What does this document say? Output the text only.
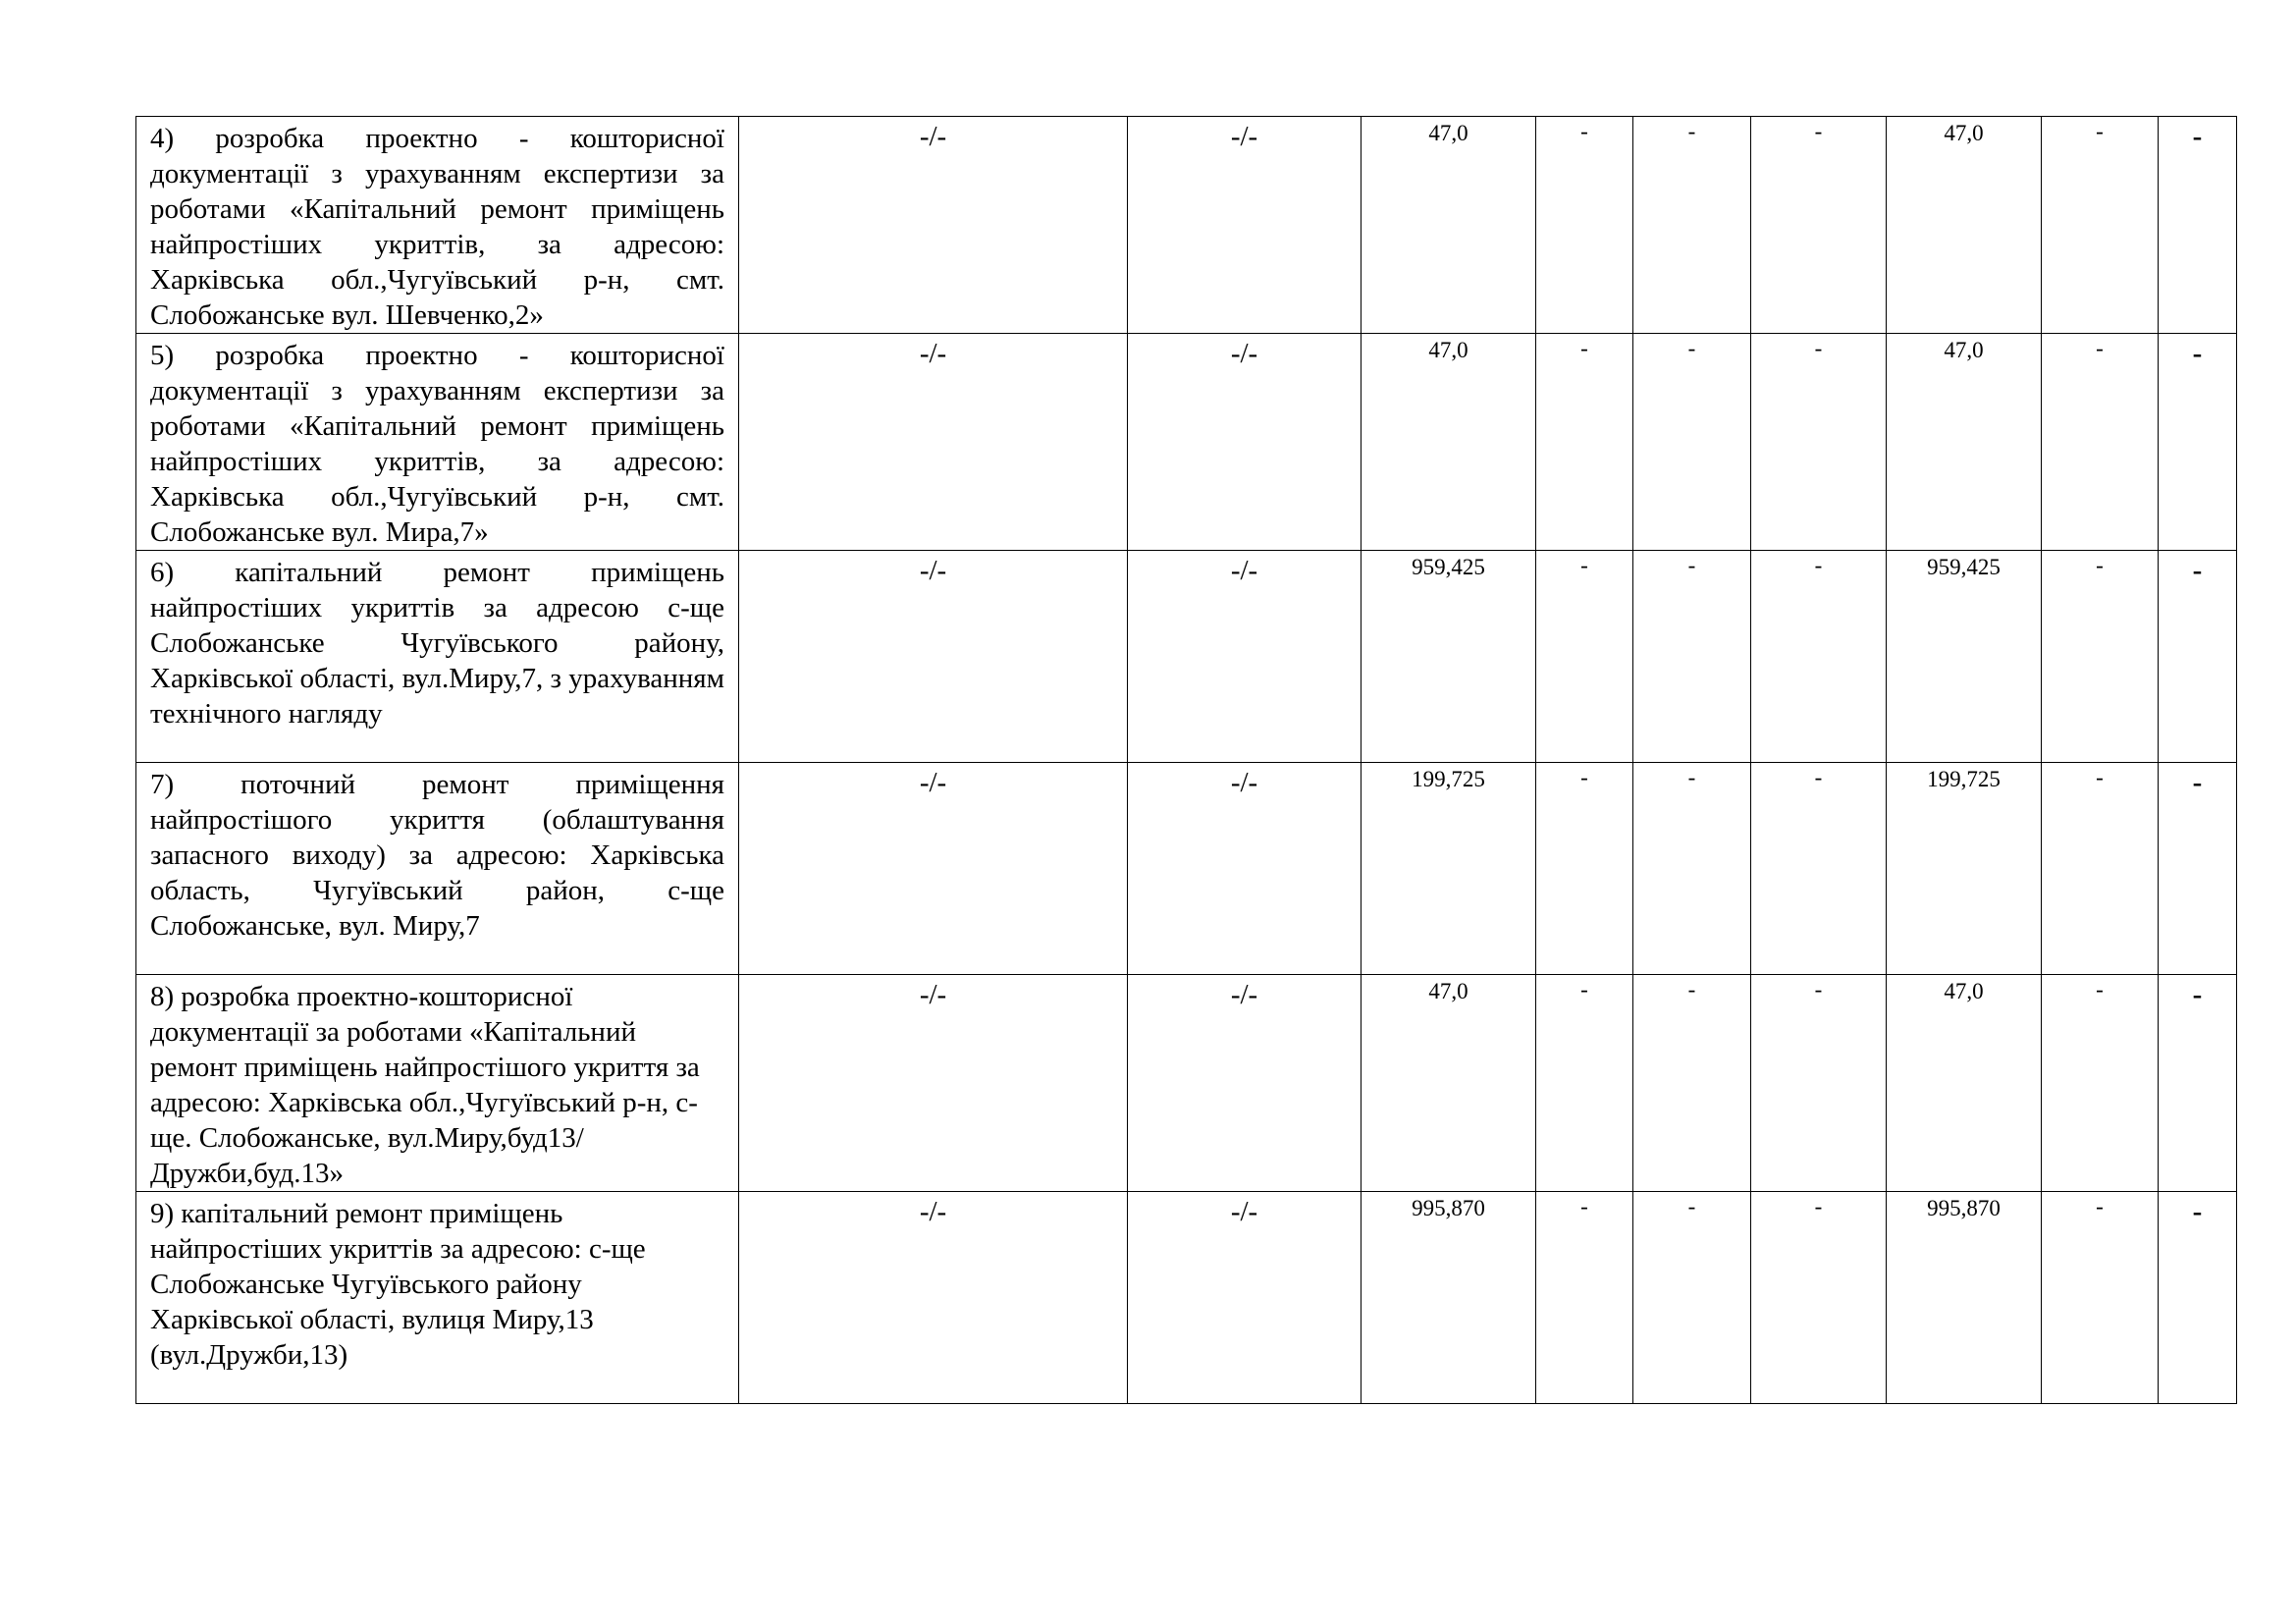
4) розробка проектно - кошторисної документації з урахуванням експертизи за роботами «Капітальний ремонт приміщень найпростіших укриттів, за адресою: Харківська обл.,Чугуївський р-н, смт. Слобожанське вул. Шевченко,2»	-/-	-/-	47,0	-	-	-	47,0	-	-
5) розробка проектно - кошторисної документації з урахуванням експертизи за роботами «Капітальний ремонт приміщень найпростіших укриттів, за адресою: Харківська обл.,Чугуївський р-н, смт. Слобожанське вул. Мира,7»	-/-	-/-	47,0	-	-	-	47,0	-	-
6) капітальний ремонт приміщень найпростіших укриттів за адресою с-ще Слобожанське Чугуївського району, Харківської області, вул.Миру,7, з урахуванням технічного нагляду	-/-	-/-	959,425	-	-	-	959,425	-	-
7) поточний ремонт приміщення найпростішого укриття (облаштування запасного виходу) за адресою: Харківська область, Чугуївський район, с-ще Слобожанське, вул. Миру,7	-/-	-/-	199,725	-	-	-	199,725	-	-
8) розробка проектно-кошторисної документації за роботами «Капітальний ремонт приміщень найпростішого укриття за адресою: Харківська обл.,Чугуївський р-н, с-ще. Слобожанське, вул.Миру,буд13/Дружби,буд.13»	-/-	-/-	47,0	-	-	-	47,0	-	-
9) капітальний ремонт приміщень найпростіших укриттів за адресою: с-ще Слобожанське Чугуївського району Харківської області, вулиця Миру,13 (вул.Дружби,13)	-/-	-/-	995,870	-	-	-	995,870	-	-
